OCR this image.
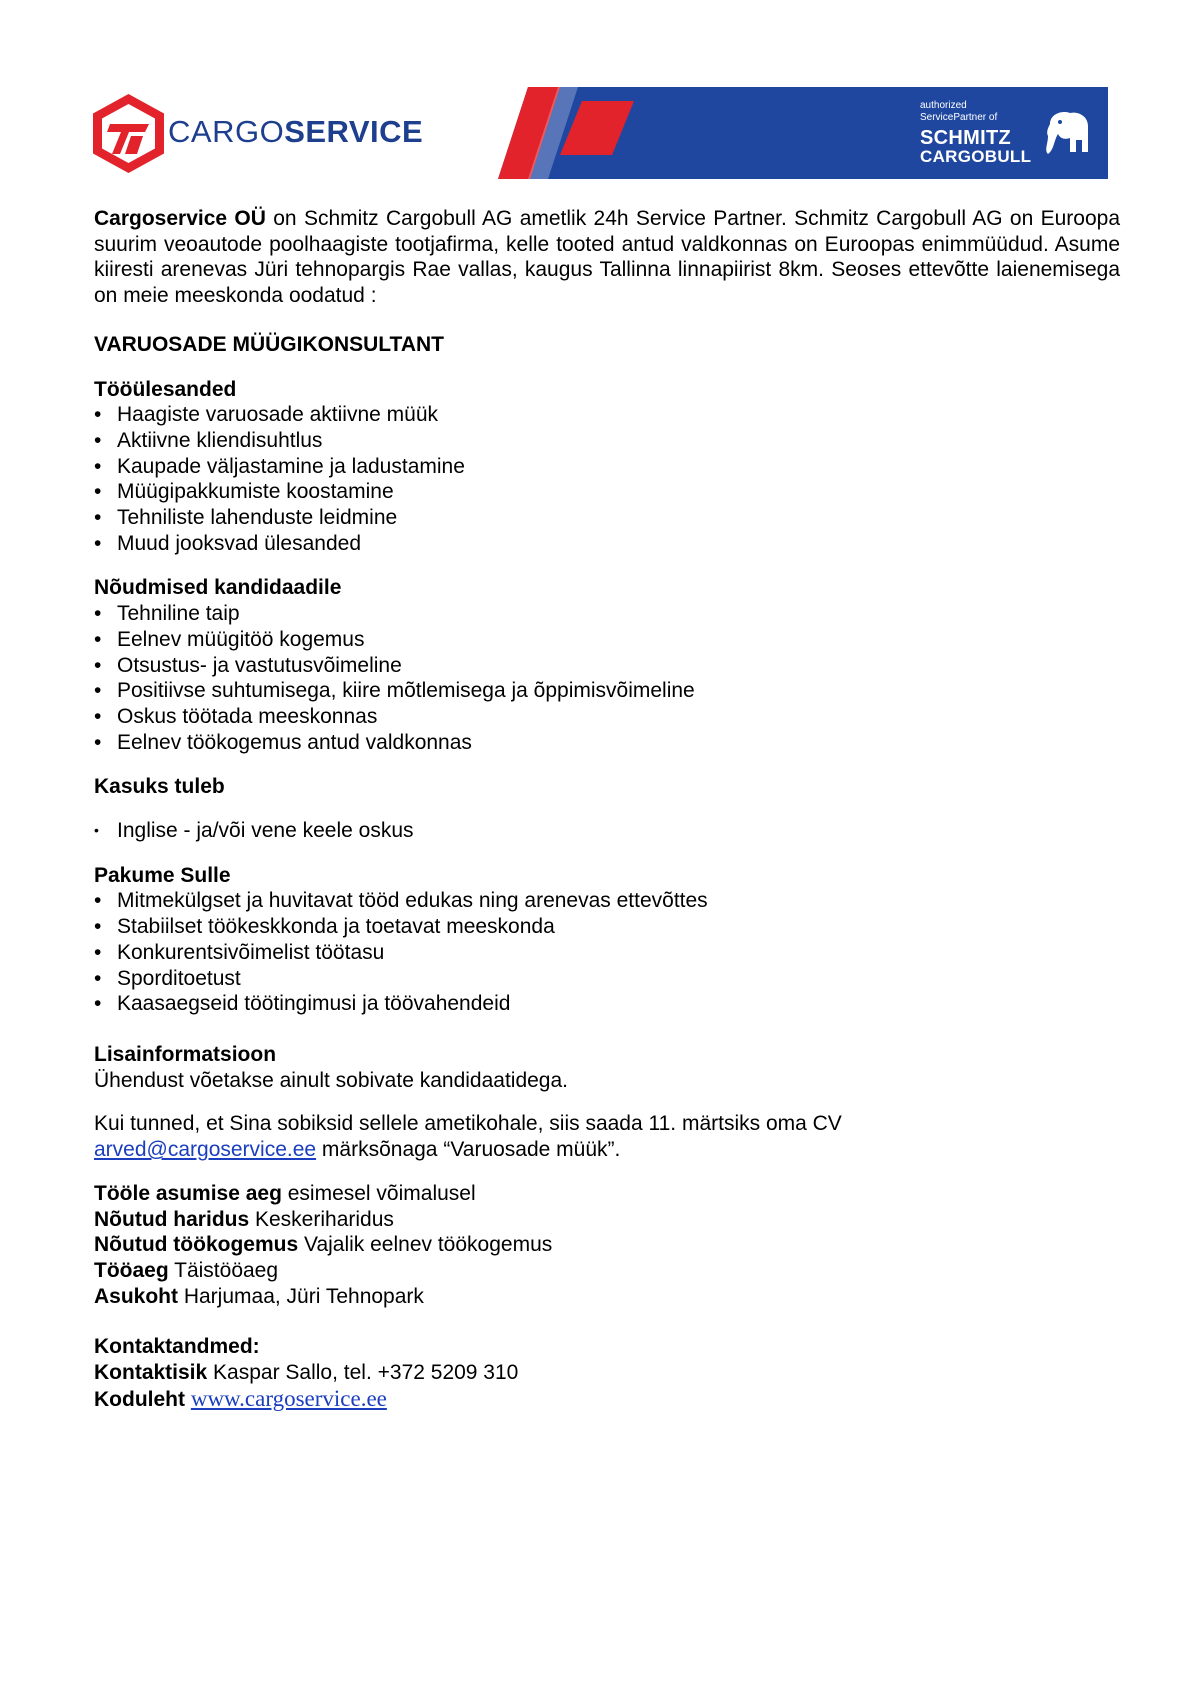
CARGOSERVICE
authorized
ServicePartner of
SCHMITZ
CARGOBULL

Cargoservice OÜ on Schmitz Cargobull AG ametlik 24h Service Partner. Schmitz Cargobull AG on Euroopa suurim veoautode poolhaagiste tootjafirma, kelle tooted antud valdkonnas on Euroopas enimmüüdud. Asume kiiresti arenevas Jüri tehnopargis Rae vallas, kaugus Tallinna linnapiirist 8km. Seoses ettevõtte laienemisega on meie meeskonda oodatud :

VARUOSADE MÜÜGIKONSULTANT
Tööülesanded
• Haagiste varuosade aktiivne müük
• Aktiivne kliendisuhtlus
• Kaupade väljastamine ja ladustamine
• Müügipakkumiste koostamine
• Tehniliste lahenduste leidmine
• Muud jooksvad ülesanded
Nõudmised kandidaadile
• Tehniline taip
• Eelnev müügitöö kogemus
• Otsustus- ja vastutusvõimeline
• Positiivse suhtumisega, kiire mõtlemisega ja õppimisvõimeline
• Oskus töötada meeskonnas
• Eelnev töökogemus antud valdkonnas
Kasuks tuleb
• Inglise - ja/või vene keele oskus
Pakume Sulle
• Mitmekülgset ja huvitavat tööd edukas ning arenevas ettevõttes
• Stabiilset töökeskkonda ja toetavat meeskonda
• Konkurentsivõimelist töötasu
• Sporditoetust
• Kaasaegseid töötingimusi ja töövahendeid
Lisainformatsioon

Ühendust võetakse ainult sobivate kandidaatidega.

Kui tunned, et Sina sobiksid sellele ametikohale, siis saada 11. märtsiks oma CV

arved@cargoservice.ee märksõnaga “Varuosade müük”.

Tööle asumise aeg esimesel võimalusel

Nõutud haridus Keskeriharidus

Nõutud töökogemus Vajalik eelnev töökogemus

Tööaeg Täistööaeg

Asukoht Harjumaa, Jüri Tehnopark

Kontaktandmed:

Kontaktisik Kaspar Sallo, tel. +372 5209 310

Koduleht www.cargoservice.ee
